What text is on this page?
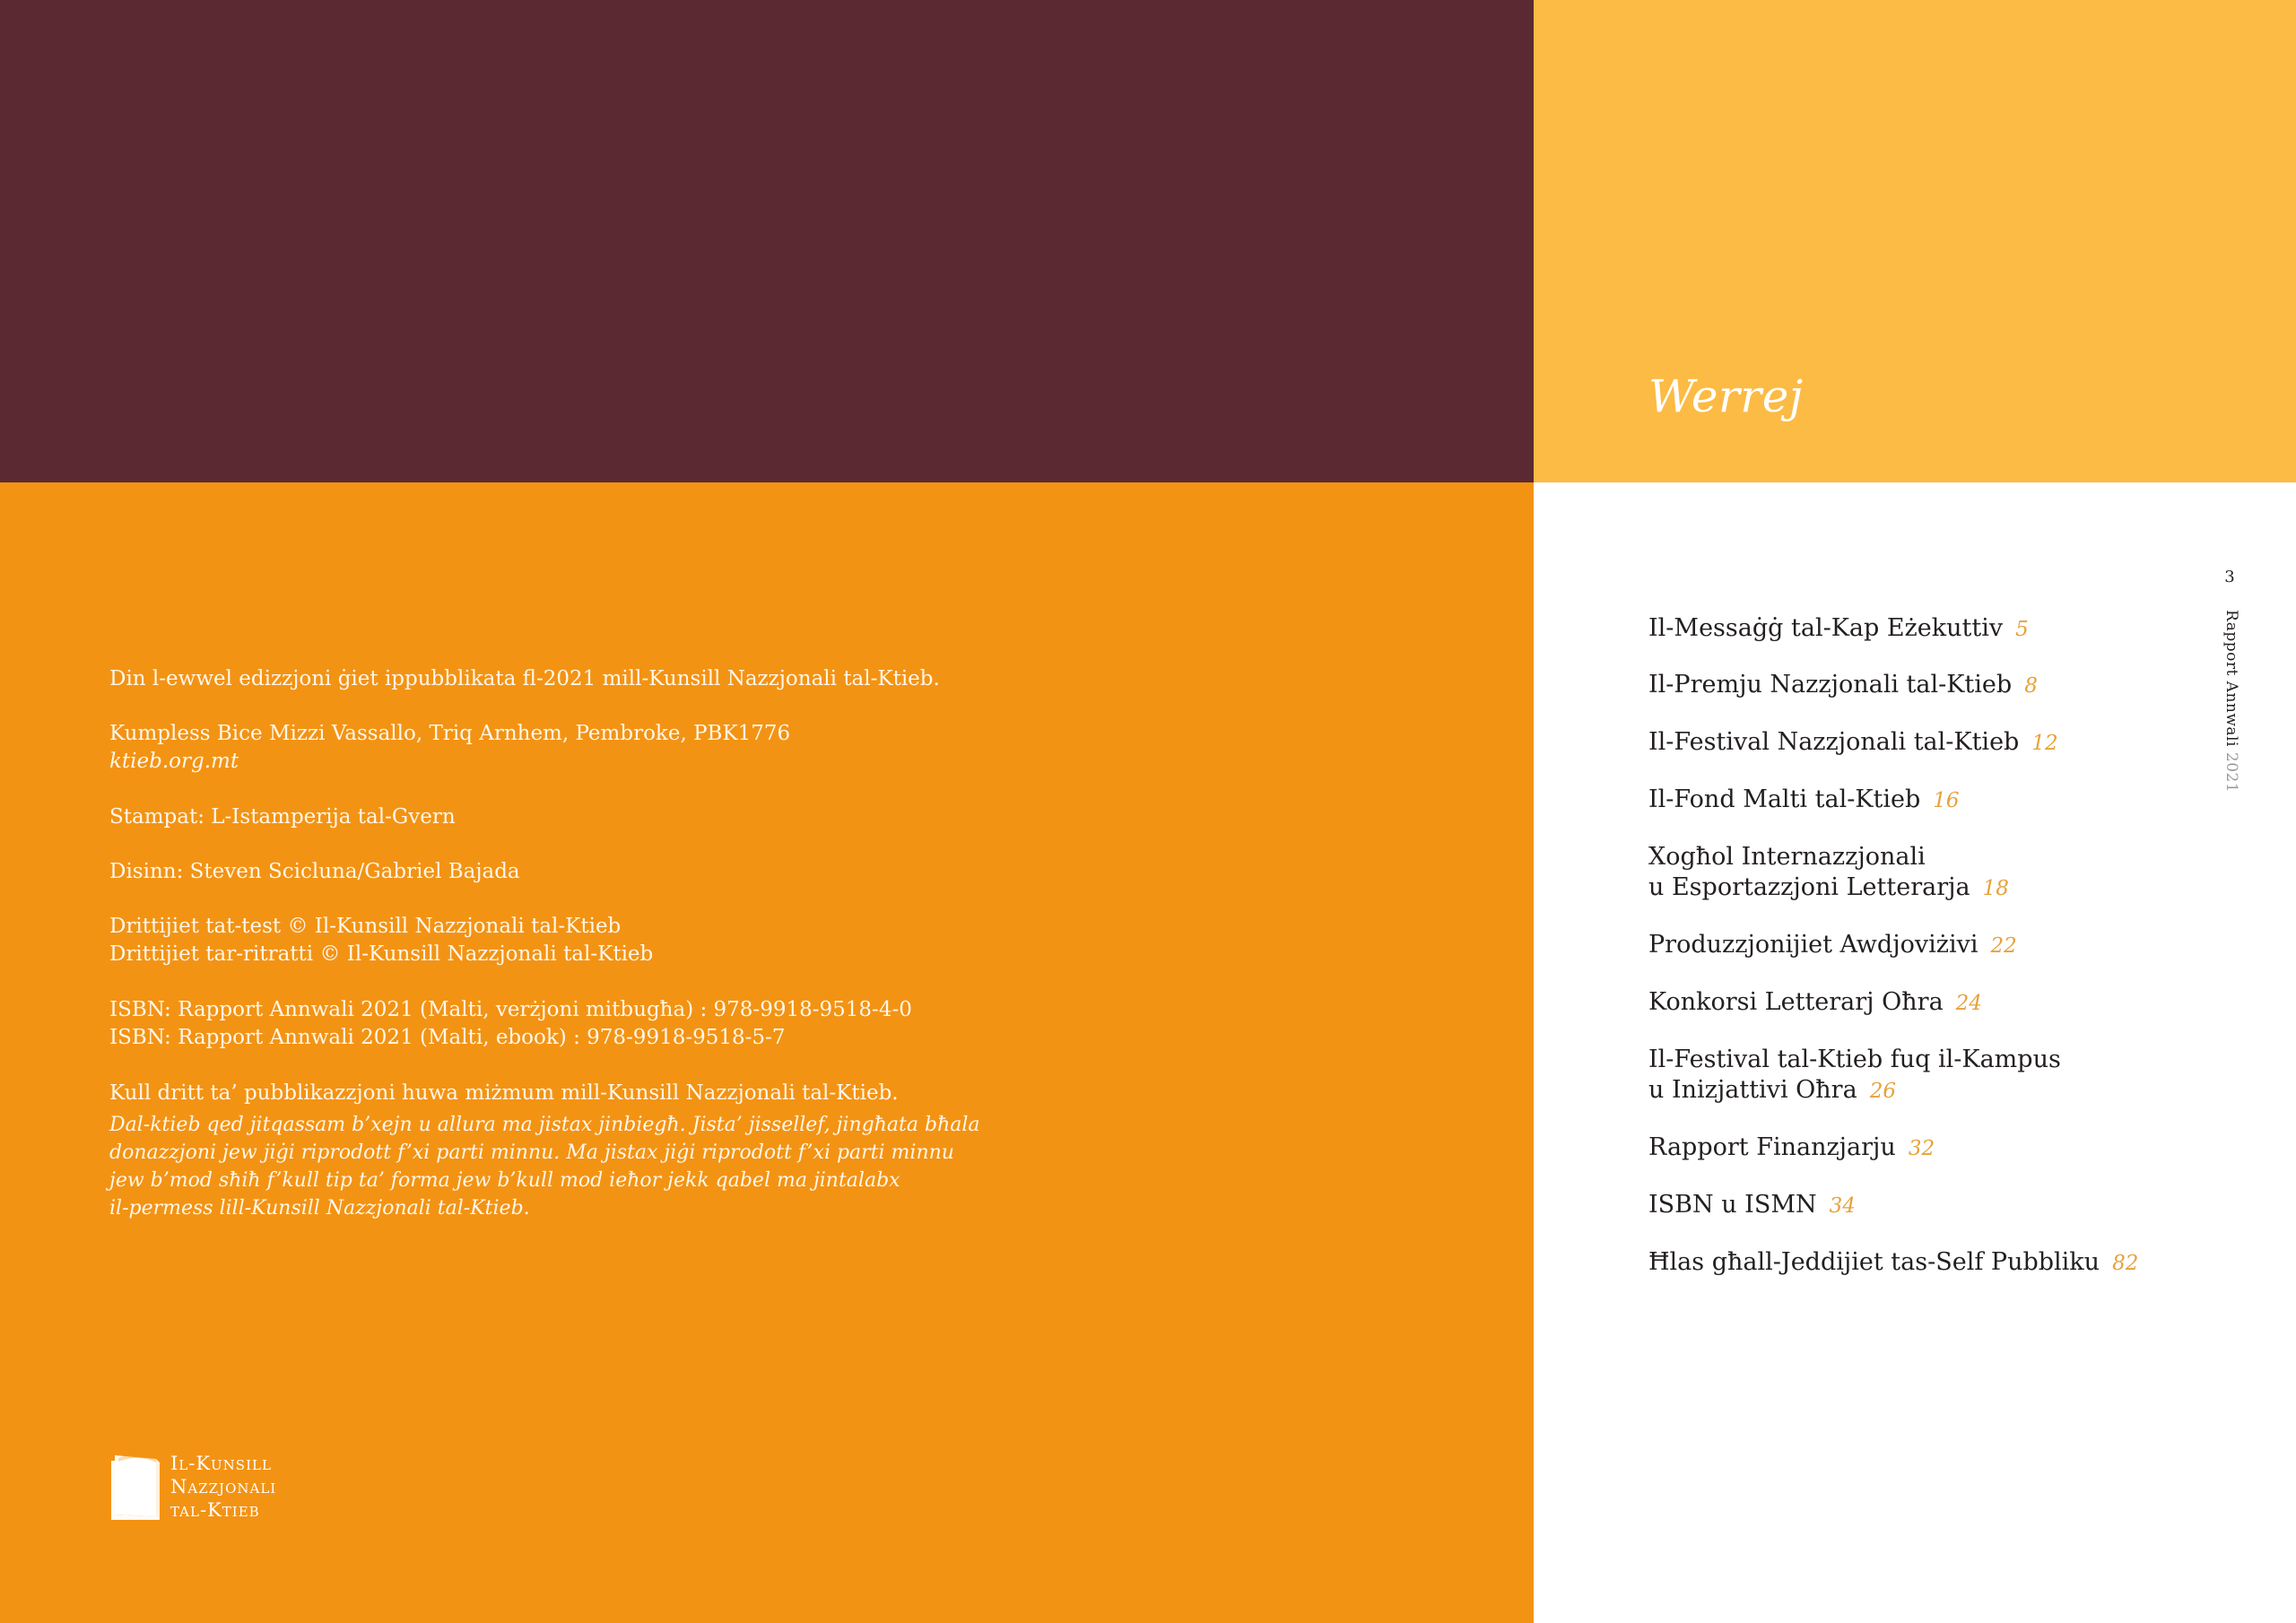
Werrej
Din l-ewwel edizzjoni ġiet ippubblikata fl-2021 mill-Kunsill Nazzjonali tal-Ktieb.
Kumpless Bice Mizzi Vassallo, Triq Arnhem, Pembroke, PBK1776
ktieb.org.mt
Stampat: L-Istamperija tal-Gvern
Disinn: Steven Scicluna/Gabriel Bajada
Drittijiet tat-test © Il-Kunsill Nazzjonali tal-Ktieb
Drittijiet tar-ritratti © Il-Kunsill Nazzjonali tal-Ktieb
ISBN: Rapport Annwali 2021 (Malti, verżjoni mitbugħa) : 978-9918-9518-4-0
ISBN: Rapport Annwali 2021 (Malti, ebook) : 978-9918-9518-5-7
Kull dritt ta’ pubblikazzjoni huwa miżmum mill-Kunsill Nazzjonali tal-Ktieb.
Dal-ktieb qed jitqassam b’xejn u allura ma jistax jinbiegħ. Jista’ jissellef, jingħata bħala
donazzjoni jew jiġi riprodott f’xi parti minnu. Ma jistax jiġi riprodott f’xi parti minnu
jew b’mod sħiħ f’kull tip ta’ forma jew b’kull mod ieħor jekk qabel ma jintalabx
il-permess lill-Kunsill Nazzjonali tal-Ktieb.
Il-Kunsill
Nazzjonali
tal-Ktieb
Il-Messaġġ tal-Kap Eżekuttiv 5
Il-Premju Nazzjonali tal-Ktieb 8
Il-Festival Nazzjonali tal-Ktieb 12
Il-Fond Malti tal-Ktieb 16
Xogħol Internazzjonali
u Esportazzjoni Letterarja 18
Produzzjonijiet Awdjoviżivi 22
Konkorsi Letterarj Oħra 24
Il-Festival tal-Ktieb fuq il-Kampus
u Inizjattivi Oħra 26
Rapport Finanzjarju 32
ISBN u ISMN 34
Ħlas għall-Jeddijiet tas-Self Pubbliku 82
3
Rapport Annwali2021
